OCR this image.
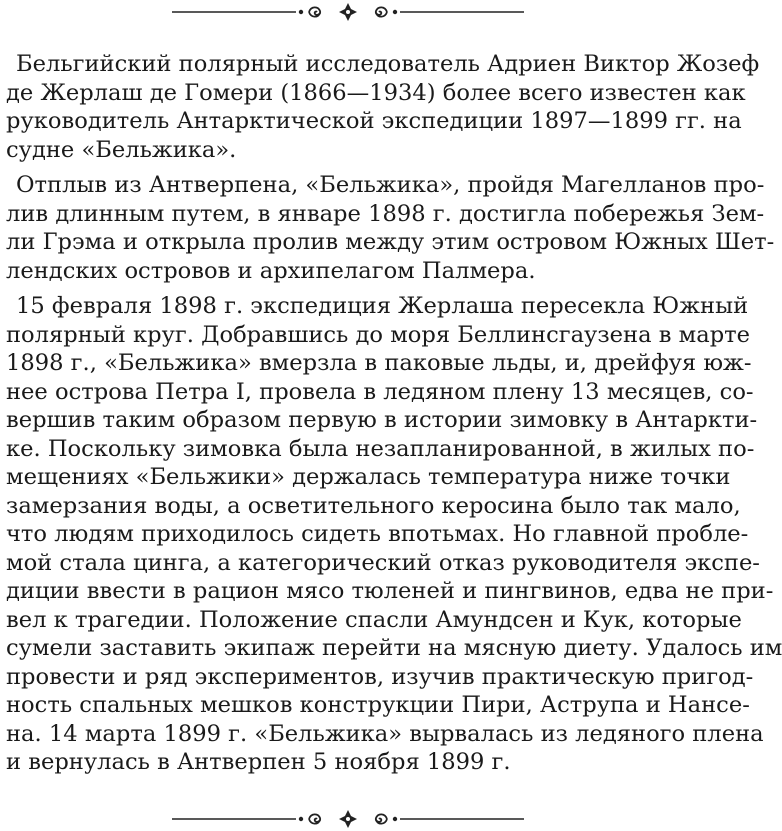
Бельгийский полярный исследователь Адриен Виктор Жозеф
де Жерлаш де Гомери (1866—1934) более всего известен как
руководитель Антарктической экспедиции 1897—1899 гг. на
судне «Бельжика».

Отплыв из Антверпена, «Бельжика», пройдя Магелланов про-
лив длинным путем, в январе 1898 г. достигла побережья Зем-
ли Грэма и открыла пролив между этим островом Южных Шет-
лендских островов и архипелагом Палмера.

15 февраля 1898 г. экспедиция Жерлаша пересекла Южный
полярный круг. Добравшись до моря Беллинсгаузена в марте
1898 г., «Бельжика» вмерзла в паковые льды, и, дрейфуя юж-
нее острова Петра I, провела в ледяном плену 13 месяцев, со-
вершив таким образом первую в истории зимовку в Антаркти-
ке. Поскольку зимовка была незапланированной, в жилых по-
мещениях «Бельжики» держалась температура ниже точки
замерзания воды, а осветительного керосина было так мало,
что людям приходилось сидеть впотьмах. Но главной пробле-
мой стала цинга, а категорический отказ руководителя экспе-
диции ввести в рацион мясо тюленей и пингвинов, едва не при-
вел к трагедии. Положение спасли Амундсен и Кук, которые
сумели заставить экипаж перейти на мясную диету. Удалось им
провести и ряд экспериментов, изучив практическую пригод-
ность спальных мешков конструкции Пири, Аструпа и Нансе-
на. 14 марта 1899 г. «Бельжика» вырвалась из ледяного плена
и вернулась в Антверпен 5 ноября 1899 г.
